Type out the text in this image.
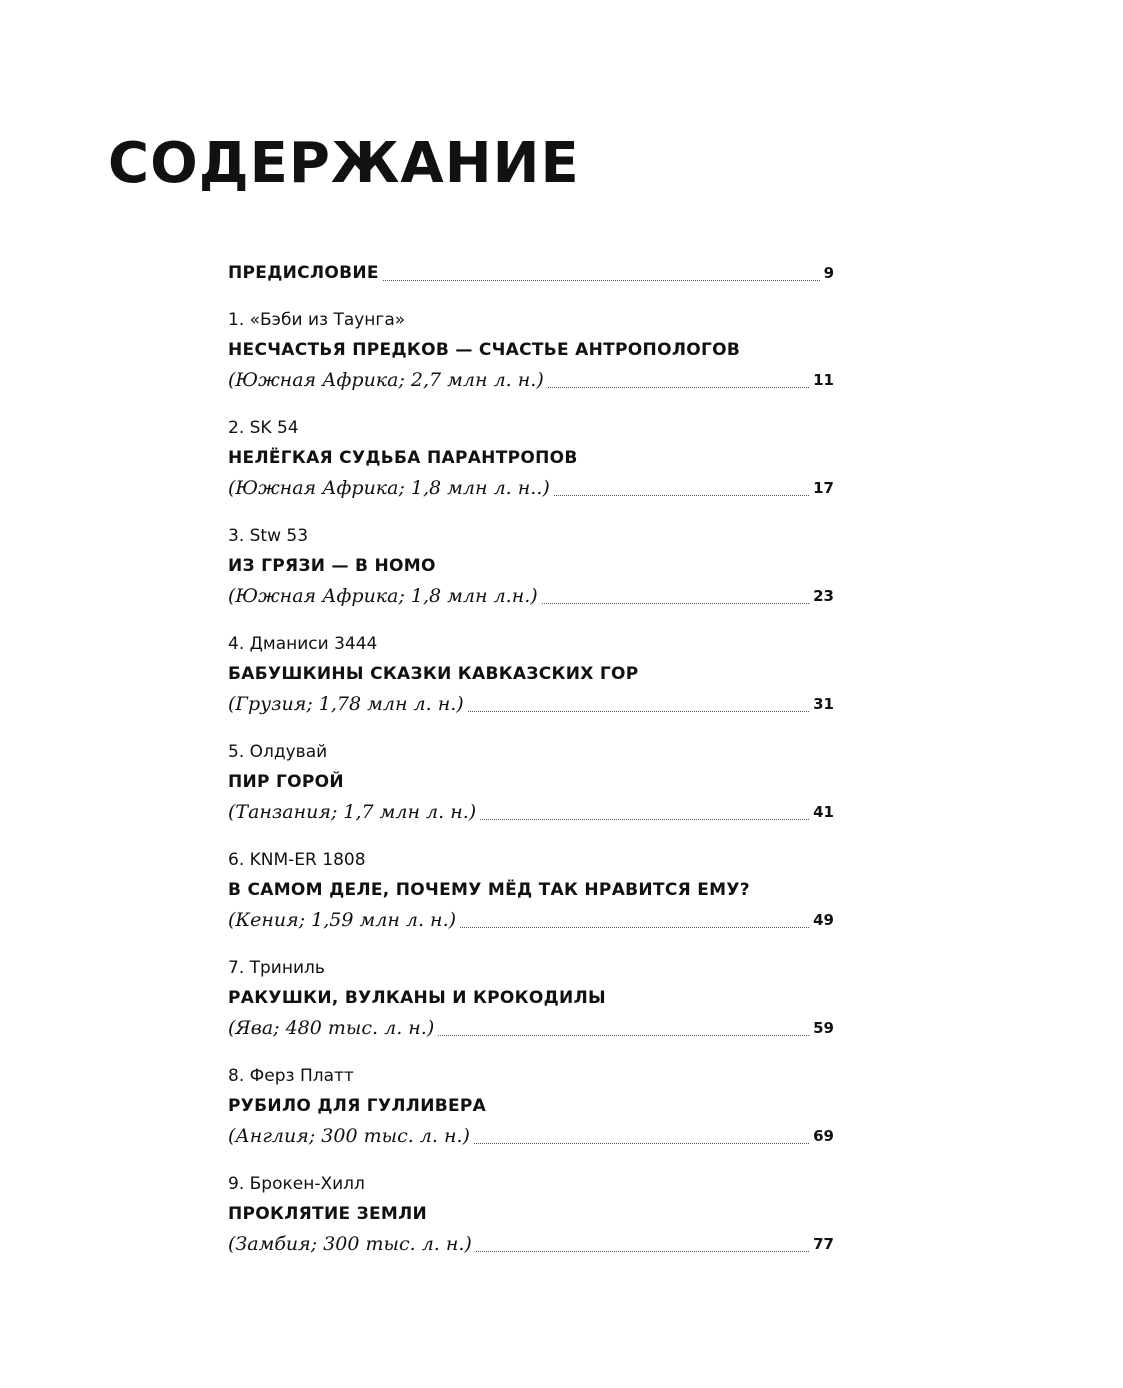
СОДЕРЖАНИЕ
ПРЕДИСЛОВИЕ	9
1. «Бэби из Таунга»
НЕСЧАСТЬЯ ПРЕДКОВ — СЧАСТЬЕ АНТРОПОЛОГОВ
(Южная Африка; 2,7 млн л. н.)	11
2. SK 54
НЕЛЁГКАЯ СУДЬБА ПАРАНТРОПОВ
(Южная Африка; 1,8 млн л. н..)	17
3. Stw 53
ИЗ ГРЯЗИ — В НОМО
(Южная Африка; 1,8 млн л.н.)	23
4. Дманиси 3444
БАБУШКИНЫ СКАЗКИ КАВКАЗСКИХ ГОР
(Грузия; 1,78 млн л. н.)	31
5. Олдувай
ПИР ГОРОЙ
(Танзания; 1,7 млн л. н.)	41
6. KNM-ER 1808
В САМОМ ДЕЛЕ, ПОЧЕМУ МЁД ТАК НРАВИТСЯ ЕМУ?
(Кения; 1,59 млн л. н.)	49
7. Триниль
РАКУШКИ, ВУЛКАНЫ И КРОКОДИЛЫ
(Ява; 480 тыс. л. н.)	59
8. Ферз Платт
РУБИЛО ДЛЯ ГУЛЛИВЕРА
(Англия; 300 тыс. л. н.)	69
9. Брокен-Хилл
ПРОКЛЯТИЕ ЗЕМЛИ
(Замбия; 300 тыс. л. н.)	77
